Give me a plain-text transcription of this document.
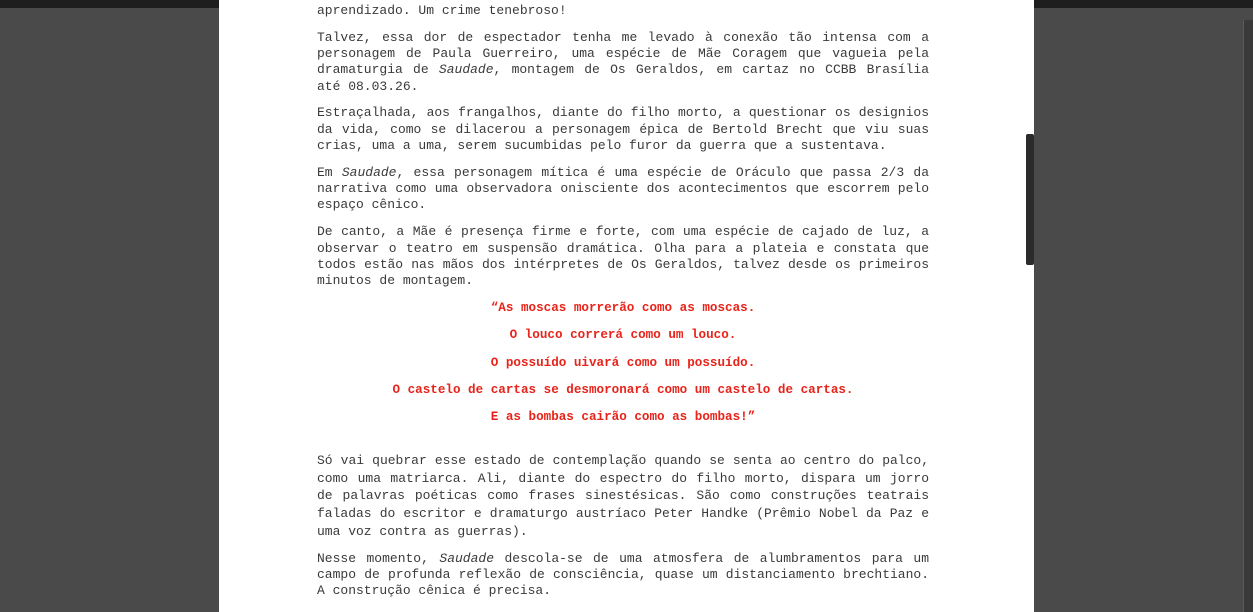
aprendizado. Um crime tenebroso!

Talvez, essa dor de espectador tenha me levado à conexão tão intensa com a personagem de Paula Guerreiro, uma espécie de Mãe Coragem que vagueia pela dramaturgia de Saudade, montagem de Os Geraldos, em cartaz no CCBB Brasília até 08.03.26.

Estraçalhada, aos frangalhos, diante do filho morto, a questionar os designios da vida, como se dilacerou a personagem épica de Bertold Brecht que viu suas crias, uma a uma, serem sucumbidas pelo furor da guerra que a sustentava.

Em Saudade, essa personagem mítica é uma espécie de Oráculo que passa 2/3 da narrativa como uma observadora onisciente dos acontecimentos que escorrem pelo espaço cênico.

De canto, a Mãe é presença firme e forte, com uma espécie de cajado de luz, a observar o teatro em suspensão dramática. Olha para a plateia e constata que todos estão nas mãos dos intérpretes de Os Geraldos, talvez desde os primeiros minutos de montagem.

“As moscas morrerão como as moscas.

O louco correrá como um louco.

O possuído uivará como um possuído.

O castelo de cartas se desmoronará como um castelo de cartas.

E as bombas cairão como as bombas!”

Só vai quebrar esse estado de contemplação quando se senta ao centro do palco, como uma matriarca. Ali, diante do espectro do filho morto, dispara um jorro de palavras poéticas como frases sinestésicas. São como construções teatrais faladas do escritor e dramaturgo austríaco Peter Handke (Prêmio Nobel da Paz e uma voz contra as guerras).

Nesse momento, Saudade descola-se de uma atmosfera de alumbramentos para um campo de profunda reflexão de consciência, quase um distanciamento brechtiano. A construção cênica é precisa.
